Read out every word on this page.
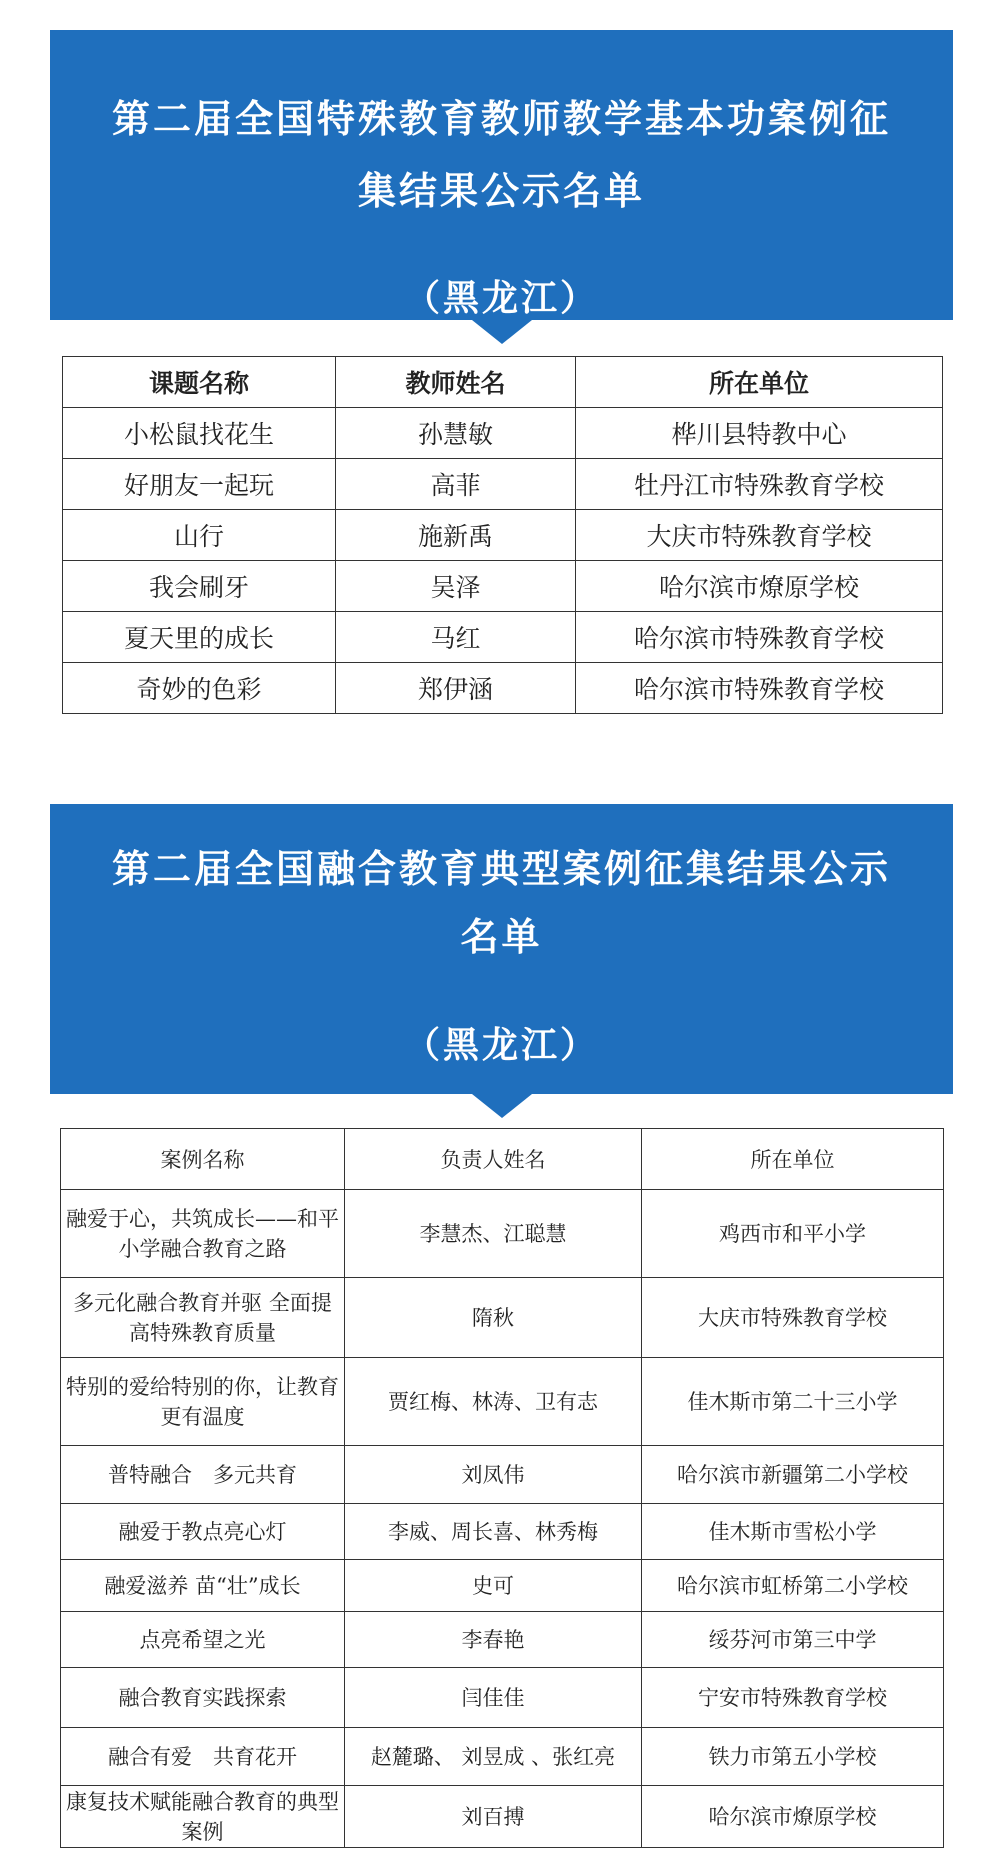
第二届全国特殊教育教师教学基本功案例征
集结果公示名单
（黑龙江）
课题名称	教师姓名	所在单位
小松鼠找花生	孙慧敏	桦川县特教中心
好朋友一起玩	高菲	牡丹江市特殊教育学校
山行	施新禹	大庆市特殊教育学校
我会刷牙	吴泽	哈尔滨市燎原学校
夏天里的成长	马红	哈尔滨市特殊教育学校
奇妙的色彩	郑伊涵	哈尔滨市特殊教育学校
第二届全国融合教育典型案例征集结果公示
名单
（黑龙江）
案例名称	负责人姓名	所在单位
融爱于心，共筑成长——和平小学融合教育之路	李慧杰、江聪慧	鸡西市和平小学
多元化融合教育并驱 全面提高特殊教育质量	隋秋	大庆市特殊教育学校
特别的爱给特别的你，让教育更有温度	贾红梅、林涛、卫有志	佳木斯市第二十三小学
普特融合　多元共育	刘凤伟	哈尔滨市新疆第二小学校
融爱于教点亮心灯	李威、周长喜、林秀梅	佳木斯市雪松小学
融爱滋养 苗“壮”成长	史可	哈尔滨市虹桥第二小学校
点亮希望之光	李春艳	绥芬河市第三中学
融合教育实践探索	闫佳佳	宁安市特殊教育学校
融合有爱　共育花开	赵麓璐、 刘昱成 、张红亮	铁力市第五小学校
康复技术赋能融合教育的典型案例	刘百搏	哈尔滨市燎原学校
